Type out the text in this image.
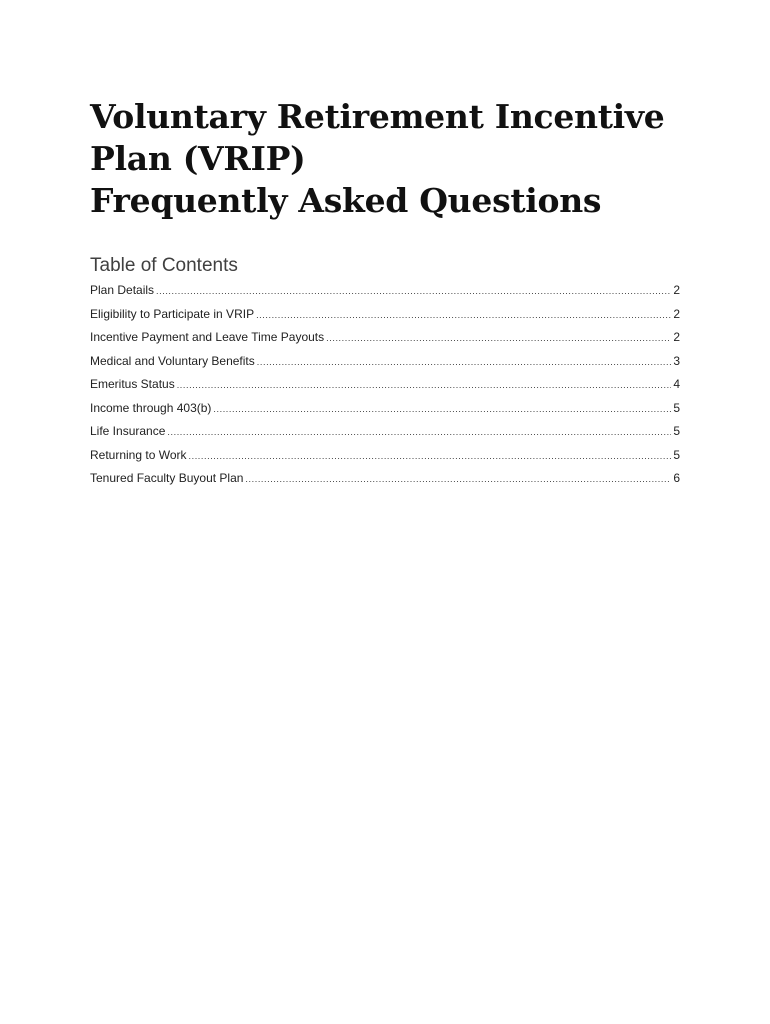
Voluntary Retirement Incentive
Plan (VRIP)
Frequently Asked Questions
Table of Contents
Plan Details .....	2
Eligibility to Participate in VRIP .....	2
Incentive Payment and Leave Time Payouts .....	2
Medical and Voluntary Benefits .....	3
Emeritus Status .....	4
Income through 403(b) .....	5
Life Insurance .....	5
Returning to Work .....	5
Tenured Faculty Buyout Plan .....	6
